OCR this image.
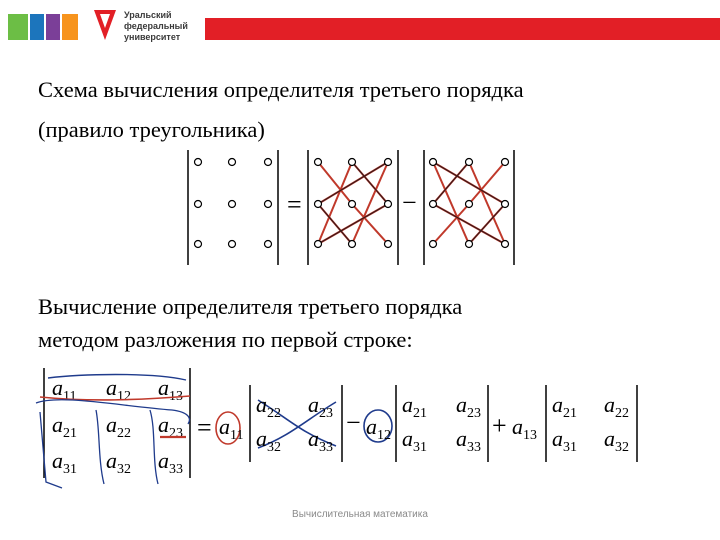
Уральский
федеральный
университет
Схема вычисления определителя третьего порядка
(правило треугольника)
=	−
Вычисление определителя третьего порядка
методом разложения по первой строке:
$a_{11}$ $a_{12}$ $a_{13}$
$a_{21}$ $a_{22}$ $a_{23}$
$a_{31}$ $a_{32}$ $a_{33}$
= $a_{11}$
$a_{22}$ $a_{23}$
$a_{32}$ $a_{33}$
− $a_{12}$
$a_{21}$ $a_{23}$
$a_{31}$ $a_{33}$
+ $a_{13}$
$a_{21}$ $a_{22}$
$a_{31}$ $a_{32}$
Вычислительная математика
